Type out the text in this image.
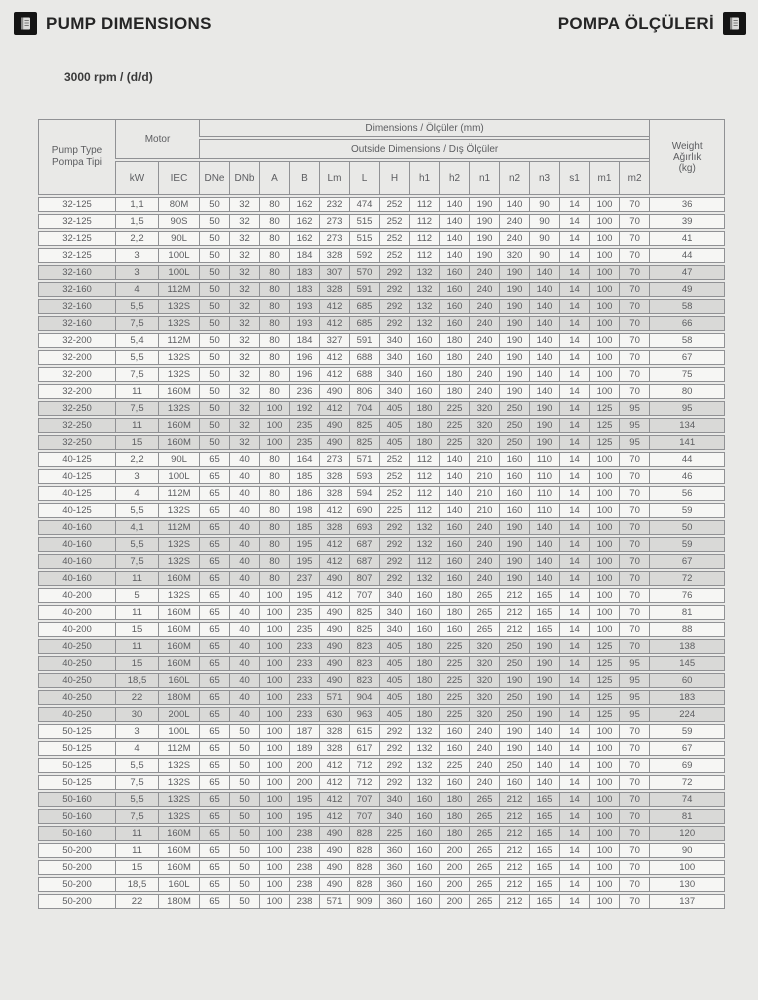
PUMP DIMENSIONS	POMPA ÖLÇÜLERİ
3000 rpm / (d/d)
Pump Type
Pompa Tipi
	Motor	Dimensions / Ölçüler (mm)	
Weight
Ağırlık
(kg)

			Outside Dimensions / Dış Ölçüler															
	kW	IEC	DNe	DNb	A	B	Lm	L	H	h1	h2	n1	n2	n3	s1	m1	m2	
32-125	1,1	80M	50	32	80	162	232	474	252	112	140	190	140	90	14	100	70	36
32-125	1,5	90S	50	32	80	162	273	515	252	112	140	190	240	90	14	100	70	39
32-125	2,2	90L	50	32	80	162	273	515	252	112	140	190	240	90	14	100	70	41
32-125	3	100L	50	32	80	184	328	592	252	112	140	190	320	90	14	100	70	44
32-160	3	100L	50	32	80	183	307	570	292	132	160	240	190	140	14	100	70	47
32-160	4	112M	50	32	80	183	328	591	292	132	160	240	190	140	14	100	70	49
32-160	5,5	132S	50	32	80	193	412	685	292	132	160	240	190	140	14	100	70	58
32-160	7,5	132S	50	32	80	193	412	685	292	132	160	240	190	140	14	100	70	66
32-200	5,4	112M	50	32	80	184	327	591	340	160	180	240	190	140	14	100	70	58
32-200	5,5	132S	50	32	80	196	412	688	340	160	180	240	190	140	14	100	70	67
32-200	7,5	132S	50	32	80	196	412	688	340	160	180	240	190	140	14	100	70	75
32-200	11	160M	50	32	80	236	490	806	340	160	180	240	190	140	14	100	70	80
32-250	7,5	132S	50	32	100	192	412	704	405	180	225	320	250	190	14	125	95	95
32-250	11	160M	50	32	100	235	490	825	405	180	225	320	250	190	14	125	95	134
32-250	15	160M	50	32	100	235	490	825	405	180	225	320	250	190	14	125	95	141
40-125	2,2	90L	65	40	80	164	273	571	252	112	140	210	160	110	14	100	70	44
40-125	3	100L	65	40	80	185	328	593	252	112	140	210	160	110	14	100	70	46
40-125	4	112M	65	40	80	186	328	594	252	112	140	210	160	110	14	100	70	56
40-125	5,5	132S	65	40	80	198	412	690	225	112	140	210	160	110	14	100	70	59
40-160	4,1	112M	65	40	80	185	328	693	292	132	160	240	190	140	14	100	70	50
40-160	5,5	132S	65	40	80	195	412	687	292	132	160	240	190	140	14	100	70	59
40-160	7,5	132S	65	40	80	195	412	687	292	112	160	240	190	140	14	100	70	67
40-160	11	160M	65	40	80	237	490	807	292	132	160	240	190	140	14	100	70	72
40-200	5	132S	65	40	100	195	412	707	340	160	180	265	212	165	14	100	70	76
40-200	11	160M	65	40	100	235	490	825	340	160	180	265	212	165	14	100	70	81
40-200	15	160M	65	40	100	235	490	825	340	160	160	265	212	165	14	100	70	88
40-250	11	160M	65	40	100	233	490	823	405	180	225	320	250	190	14	125	70	138
40-250	15	160M	65	40	100	233	490	823	405	180	225	320	250	190	14	125	95	145
40-250	18,5	160L	65	40	100	233	490	823	405	180	225	320	190	190	14	125	95	60
40-250	22	180M	65	40	100	233	571	904	405	180	225	320	250	190	14	125	95	183
40-250	30	200L	65	40	100	233	630	963	405	180	225	320	250	190	14	125	95	224
50-125	3	100L	65	50	100	187	328	615	292	132	160	240	190	140	14	100	70	59
50-125	4	112M	65	50	100	189	328	617	292	132	160	240	190	140	14	100	70	67
50-125	5,5	132S	65	50	100	200	412	712	292	132	225	240	250	140	14	100	70	69
50-125	7,5	132S	65	50	100	200	412	712	292	132	160	240	160	140	14	100	70	72
50-160	5,5	132S	65	50	100	195	412	707	340	160	180	265	212	165	14	100	70	74
50-160	7,5	132S	65	50	100	195	412	707	340	160	180	265	212	165	14	100	70	81
50-160	11	160M	65	50	100	238	490	828	225	160	180	265	212	165	14	100	70	120
50-200	11	160M	65	50	100	238	490	828	360	160	200	265	212	165	14	100	70	90
50-200	15	160M	65	50	100	238	490	828	360	160	200	265	212	165	14	100	70	100
50-200	18,5	160L	65	50	100	238	490	828	360	160	200	265	212	165	14	100	70	130
50-200	22	180M	65	50	100	238	571	909	360	160	200	265	212	165	14	100	70	137
